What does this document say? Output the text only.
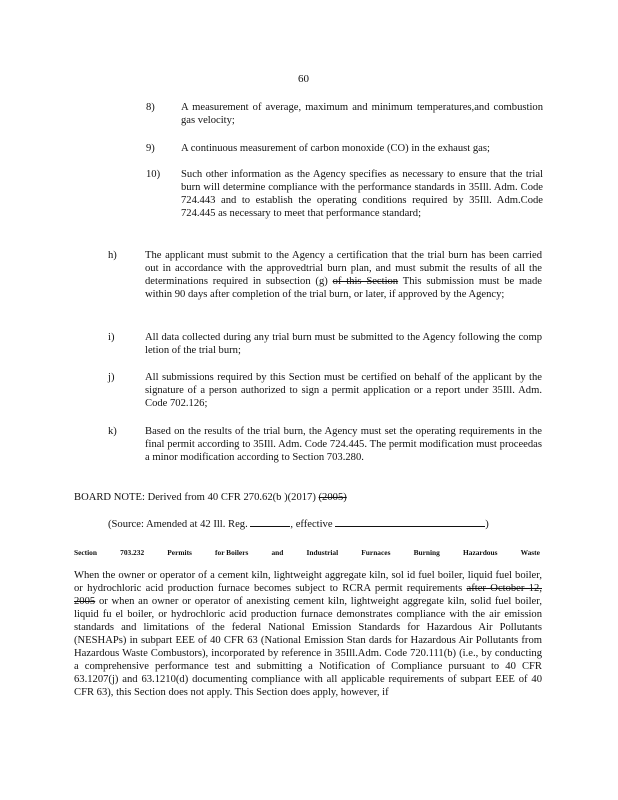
60
8) A measurement of average, maximum and minimum temperatures,and combustion gas velocity;
9) A continuous measurement of carbon monoxide (CO) in the exhaust gas;
10) Such other information as the Agency specifies as necessary to ensure that the trial burn will determine compliance with the performance standards in 35Ill. Adm. Code 724.443 and to establish the operating conditions required by 35Ill. Adm.Code 724.445 as necessary to meet that performance standard;
h)	The applicant must submit to the Agency a certification that the trial burn has been carried out in accordance with the approvedtrial burn plan, and must submit the results of all the determinations required in subsection (g) of this Section This submission must be made within 90 days after completion of the trial burn, or later, if approved by the Agency;
i)	All data collected during any trial burn must be submitted to the Agency following the comp letion of the trial burn;
j)	All submissions required by this Section must be certified on behalf of the applicant by the signature of a person authorized to sign a permit application or a report under 35Ill. Adm. Code 702.126;
k)	Based on the results of the trial burn, the Agency must set the operating requirements in the final permit according to 35Ill. Adm. Code 724.445. The permit modification must proceedas a minor modification according to Section 703.280.
BOARD NOTE: Derived from 40 CFR 270.62(b )(2017) (2005)
(Source: Amended at 42 Ill. Reg.	, effective	)
Section	703.232	Permits	for Boilers	and	Industrial	Furnaces	Burning	Hazardous	Waste
When the owner or operator of a cement kiln, lightweight aggregate kiln, sol id fuel boiler, liquid fuel boiler, or hydrochloric acid production furnace becomes subject to RCRA permit requirements after October 12, 2005 or when an owner or operator of anexisting cement kiln, lightweight aggregate kiln, solid fuel boiler, liquid fu el boiler, or hydrochloric acid production furnace demonstrates compliance with the air emission standards and limitations of the federal National Emission Standards for Hazardous Air Pollutants (NESHAPs) in subpart EEE of 40 CFR 63 (National Emission Stan dards for Hazardous Air Pollutants from Hazardous Waste Combustors), incorporated by reference in 35Ill.Adm. Code 720.111(b) (i.e., by conducting a comprehensive performance test and submitting a Notification of Compliance pursuant to 40 CFR 63.1207(j) and 63.1210(d) documenting compliance with all applicable requirements of subpart EEE of 40 CFR 63), this Section does not apply. This Section does apply, however, if
